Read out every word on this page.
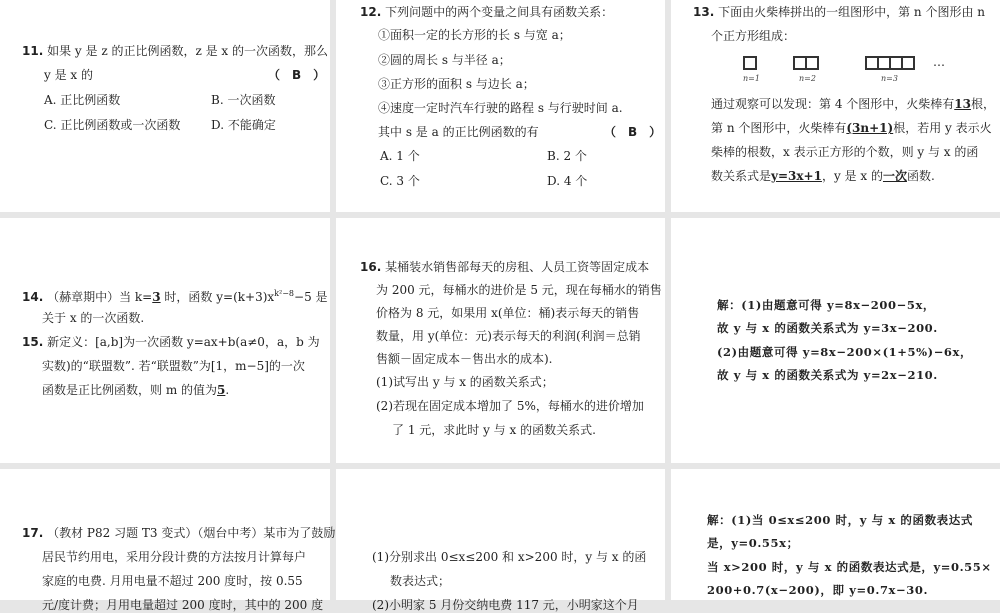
11. 如果 y 是 z 的正比例函数，z 是 x 的一次函数，那么
y 是 x 的	（　B　）
A. 正比例函数	B. 一次函数
C. 正比例函数或一次函数	D. 不能确定
12. 下列问题中的两个变量之间具有函数关系：
①面积一定的长方形的长 s 与宽 a；
②圆的周长 s 与半径 a；
③正方形的面积 s 与边长 a；
④速度一定时汽车行驶的路程 s 与行驶时间 a.
其中 s 是 a 的正比例函数的有	（　B　）
A. 1 个	B. 2 个
C. 3 个	D. 4 个
13. 下面由火柴棒拼出的一组图形中，第 n 个图形由 n
个正方形组成：
n=1	n=2	n=3
…
通过观察可以发现：第 4 个图形中，火柴棒有13根，
第 n 个图形中，火柴棒有(3n+1)根，若用 y 表示火
柴棒的根数，x 表示正方形的个数，则 y 与 x 的函
数关系式是y=3x+1，y 是 x 的一次函数.
14. （赫章期中）当 k=3 时，函数 $y=(k+3)x^{k^2-8}-5$ 是
关于 x 的一次函数.
15. 新定义：[a,b]为一次函数 y=ax+b(a≠0，a，b 为
实数)的“联盟数”. 若“联盟数”为[1，m−5]的一次
函数是正比例函数，则 m 的值为5.
16. 某桶装水销售部每天的房租、人员工资等固定成本
为 200 元，每桶水的进价是 5 元，现在每桶水的销售
价格为 8 元，如果用 x(单位：桶)表示每天的销售
数量，用 y(单位：元)表示每天的利润(利润＝总销
售额－固定成本－售出水的成本).
(1)试写出 y 与 x 的函数关系式；
(2)若现在固定成本增加了 5%，每桶水的进价增加
了 1 元，求此时 y 与 x 的函数关系式.
解：(1)由题意可得 y=8x−200−5x，
故 y 与 x 的函数关系式为 y=3x−200.
(2)由题意可得 y=8x−200×(1+5%)−6x，
故 y 与 x 的函数关系式为 y=2x−210.
17. （教材 P82 习题 T3 变式）（烟台中考）某市为了鼓励
居民节约用电，采用分段计费的方法按月计算每户
家庭的电费. 月用电量不超过 200 度时，按 0.55
元/度计费；月用电量超过 200 度时，其中的 200 度
(1)分别求出 0≤x≤200 和 x>200 时，y 与 x 的函
数表达式；
(2)小明家 5 月份交纳电费 117 元，小明家这个月
解：(1)当 0≤x≤200 时，y 与 x 的函数表达式
是，y=0.55x；
当 x>200 时，y 与 x 的函数表达式是，y=0.55×
200+0.7(x−200)，即 y=0.7x−30.
